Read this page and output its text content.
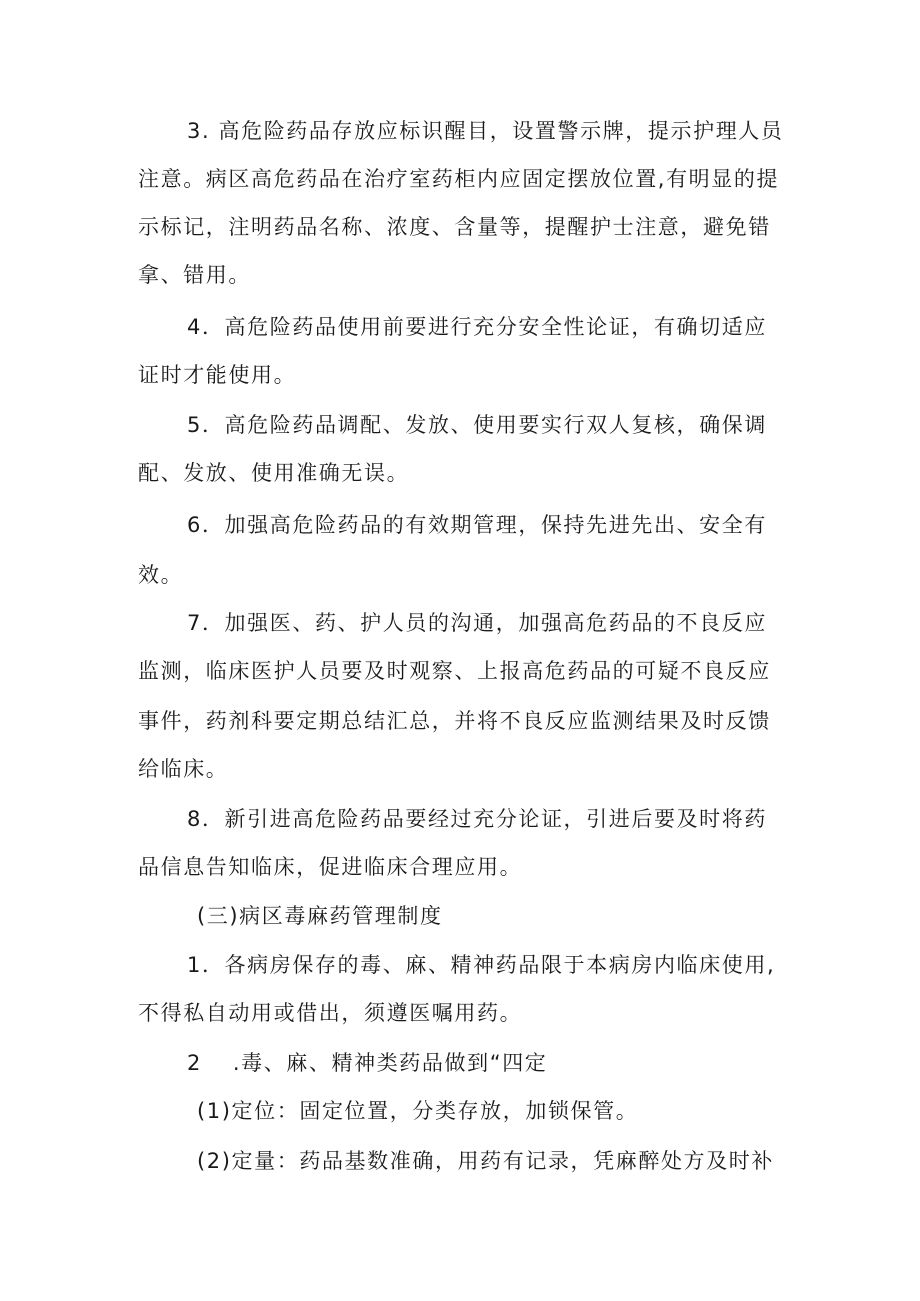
3. 高危险药品存放应标识醒目，设置警示牌，提示护理人员
注意。病区高危药品在治疗室药柜内应固定摆放位置,有明显的提
示标记，注明药品名称、浓度、含量等，提醒护士注意，避免错
拿、错用。
4．高危险药品使用前要进行充分安全性论证，有确切适应
证时才能使用。
5．高危险药品调配、发放、使用要实行双人复核，确保调
配、发放、使用准确无误。
6．加强高危险药品的有效期管理，保持先进先出、安全有
效。
7．加强医、药、护人员的沟通，加强高危药品的不良反应
监测，临床医护人员要及时观察、上报高危药品的可疑不良反应
事件，药剂科要定期总结汇总，并将不良反应监测结果及时反馈
给临床。
8．新引进高危险药品要经过充分论证，引进后要及时将药
品信息告知临床，促进临床合理应用。
(三)病区毒麻药管理制度
1．各病房保存的毒、麻、精神药品限于本病房内临床使用,
不得私自动用或借出，须遵医嘱用药。
2　 .毒、麻、精神类药品做到“四定
(1)定位：固定位置，分类存放，加锁保管。
(2)定量：药品基数准确，用药有记录，凭麻醉处方及时补
